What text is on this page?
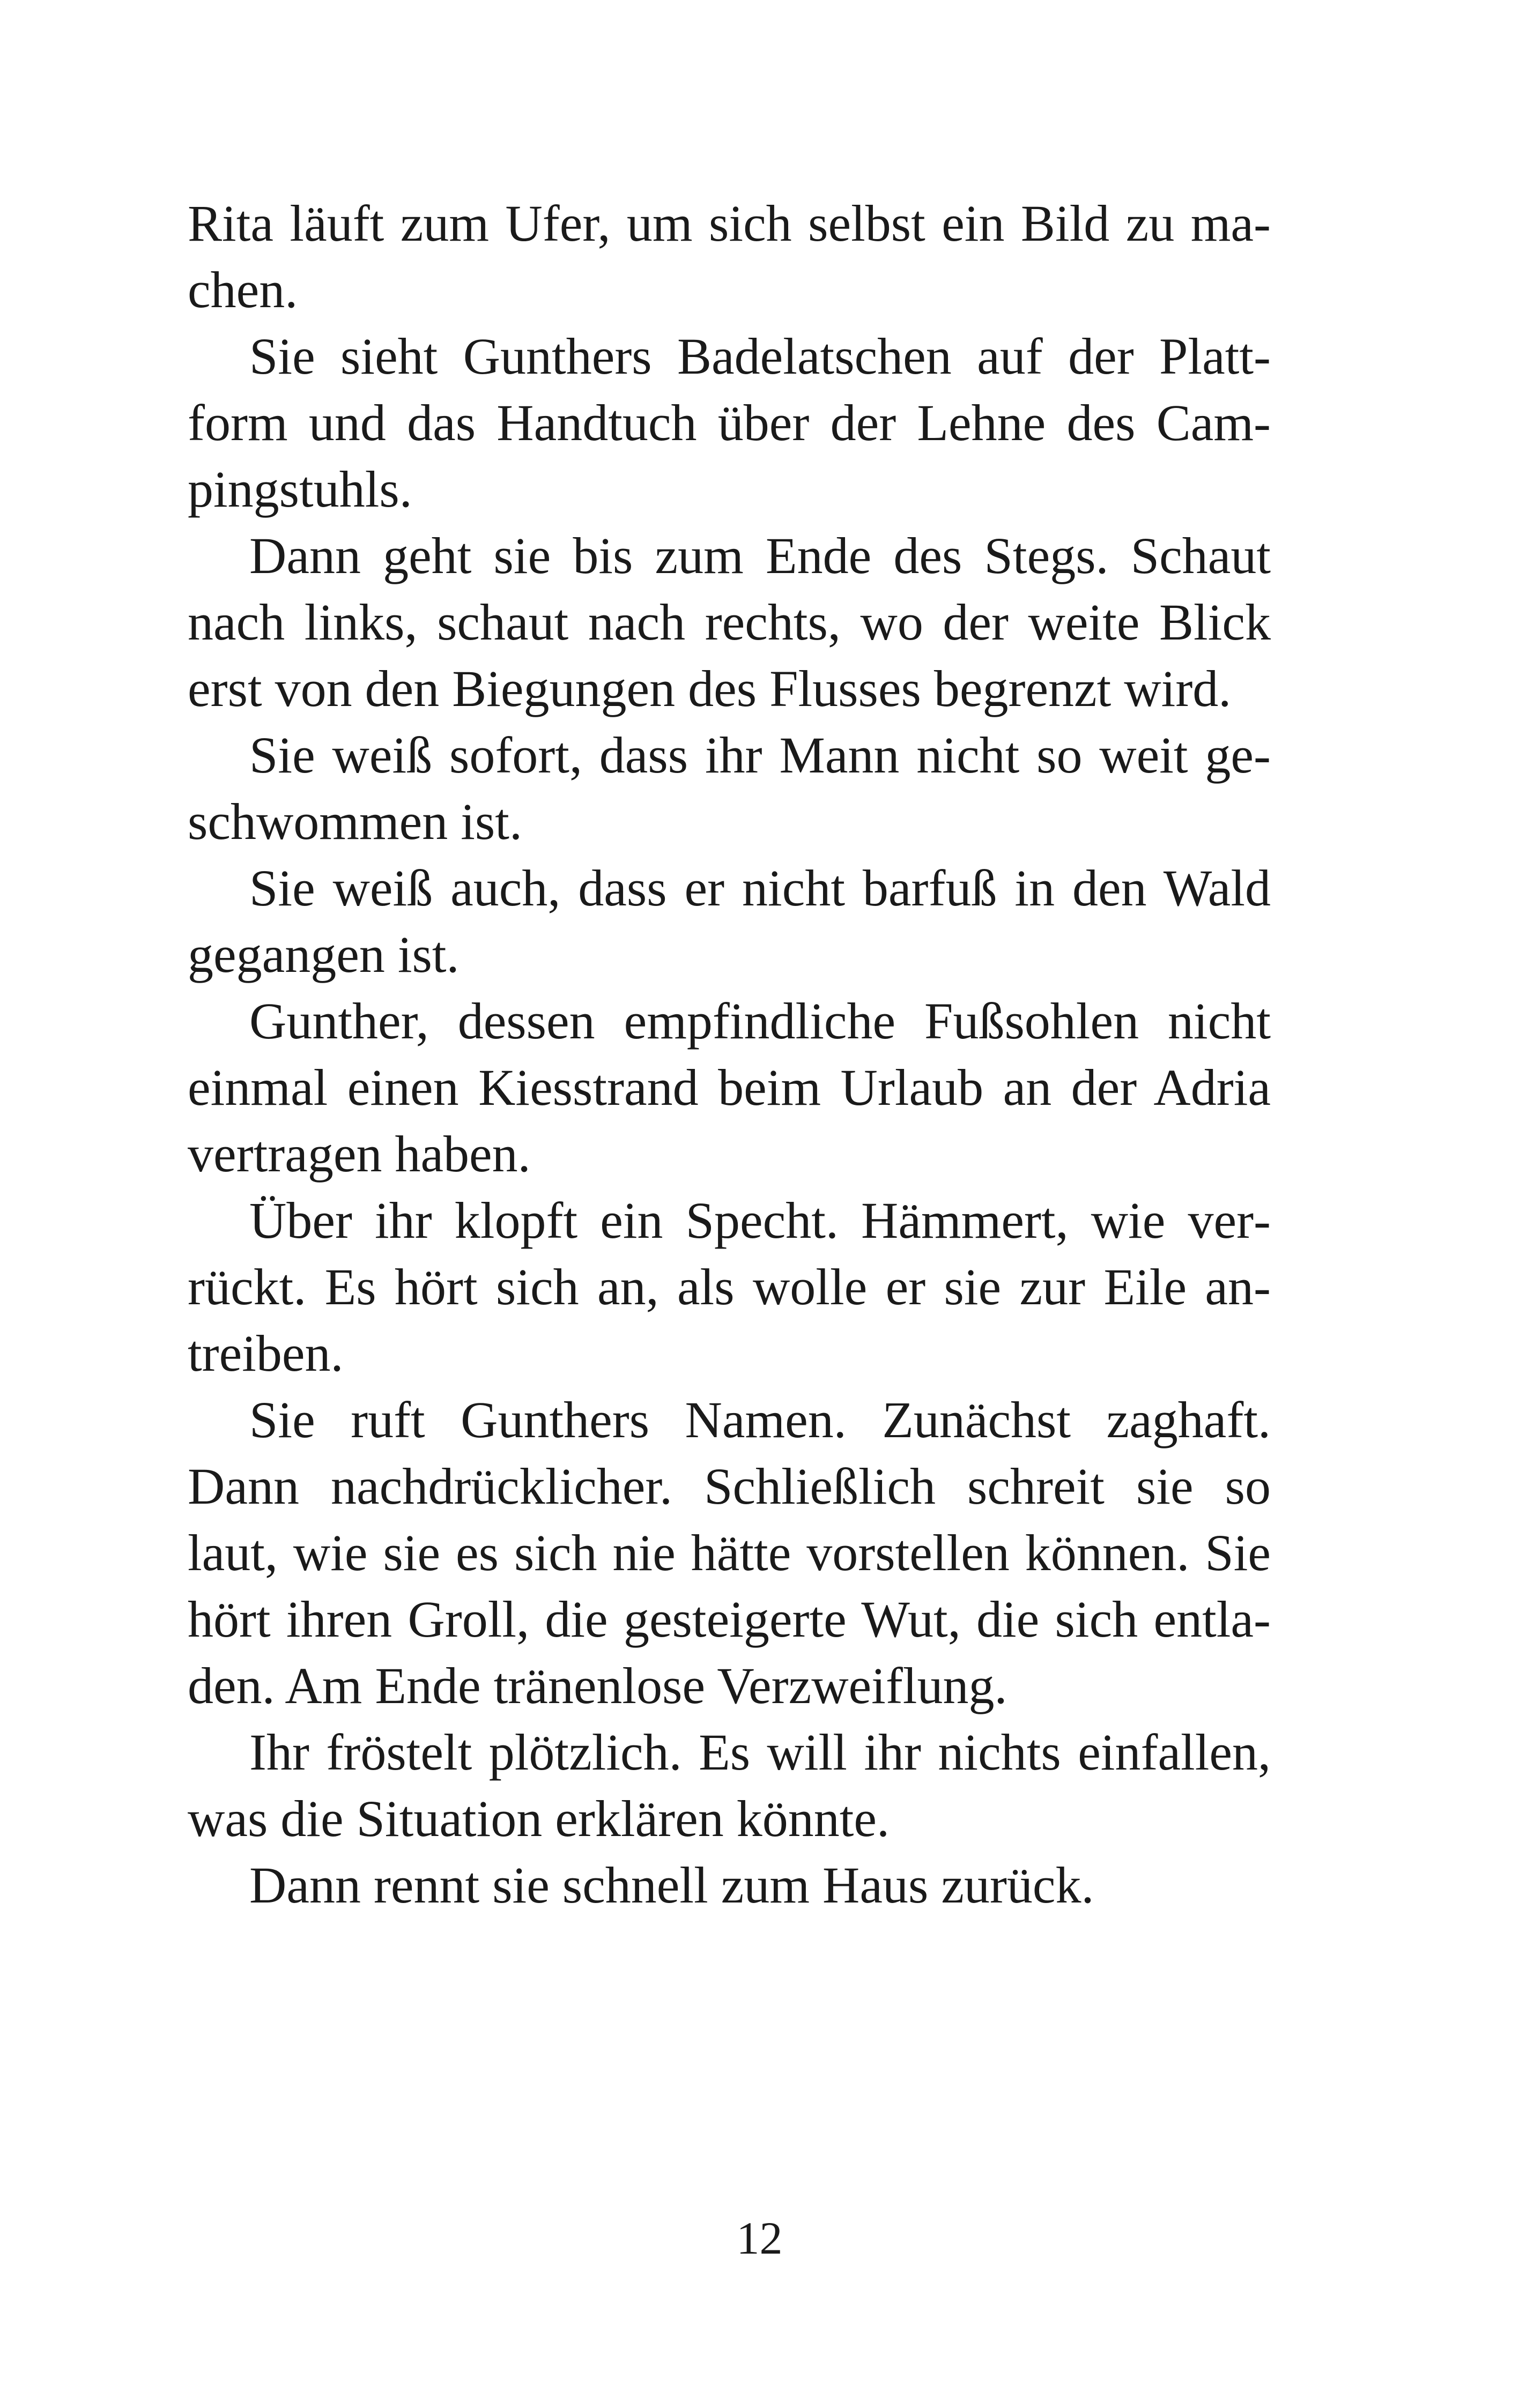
Rita läuft zum Ufer, um sich selbst ein Bild zu machen.

Sie sieht Gunthers Badelatschen auf der Plattform und das Handtuch über der Lehne des Campingstuhls.

Dann geht sie bis zum Ende des Stegs. Schaut nach links, schaut nach rechts, wo der weite Blick erst von den Biegungen des Flusses begrenzt wird.

Sie weiß sofort, dass ihr Mann nicht so weit geschwommen ist.

Sie weiß auch, dass er nicht barfuß in den Wald gegangen ist.

Gunther, dessen empfindliche Fußsohlen nicht einmal einen Kiesstrand beim Urlaub an der Adria vertragen haben.

Über ihr klopft ein Specht. Hämmert, wie verrückt. Es hört sich an, als wolle er sie zur Eile antreiben.

Sie ruft Gunthers Namen. Zunächst zaghaft. Dann nachdrücklicher. Schließlich schreit sie so laut, wie sie es sich nie hätte vorstellen können. Sie hört ihren Groll, die gesteigerte Wut, die sich entladen. Am Ende tränenlose Verzweiflung.

Ihr fröstelt plötzlich. Es will ihr nichts einfallen, was die Situation erklären könnte.

Dann rennt sie schnell zum Haus zurück.

12
